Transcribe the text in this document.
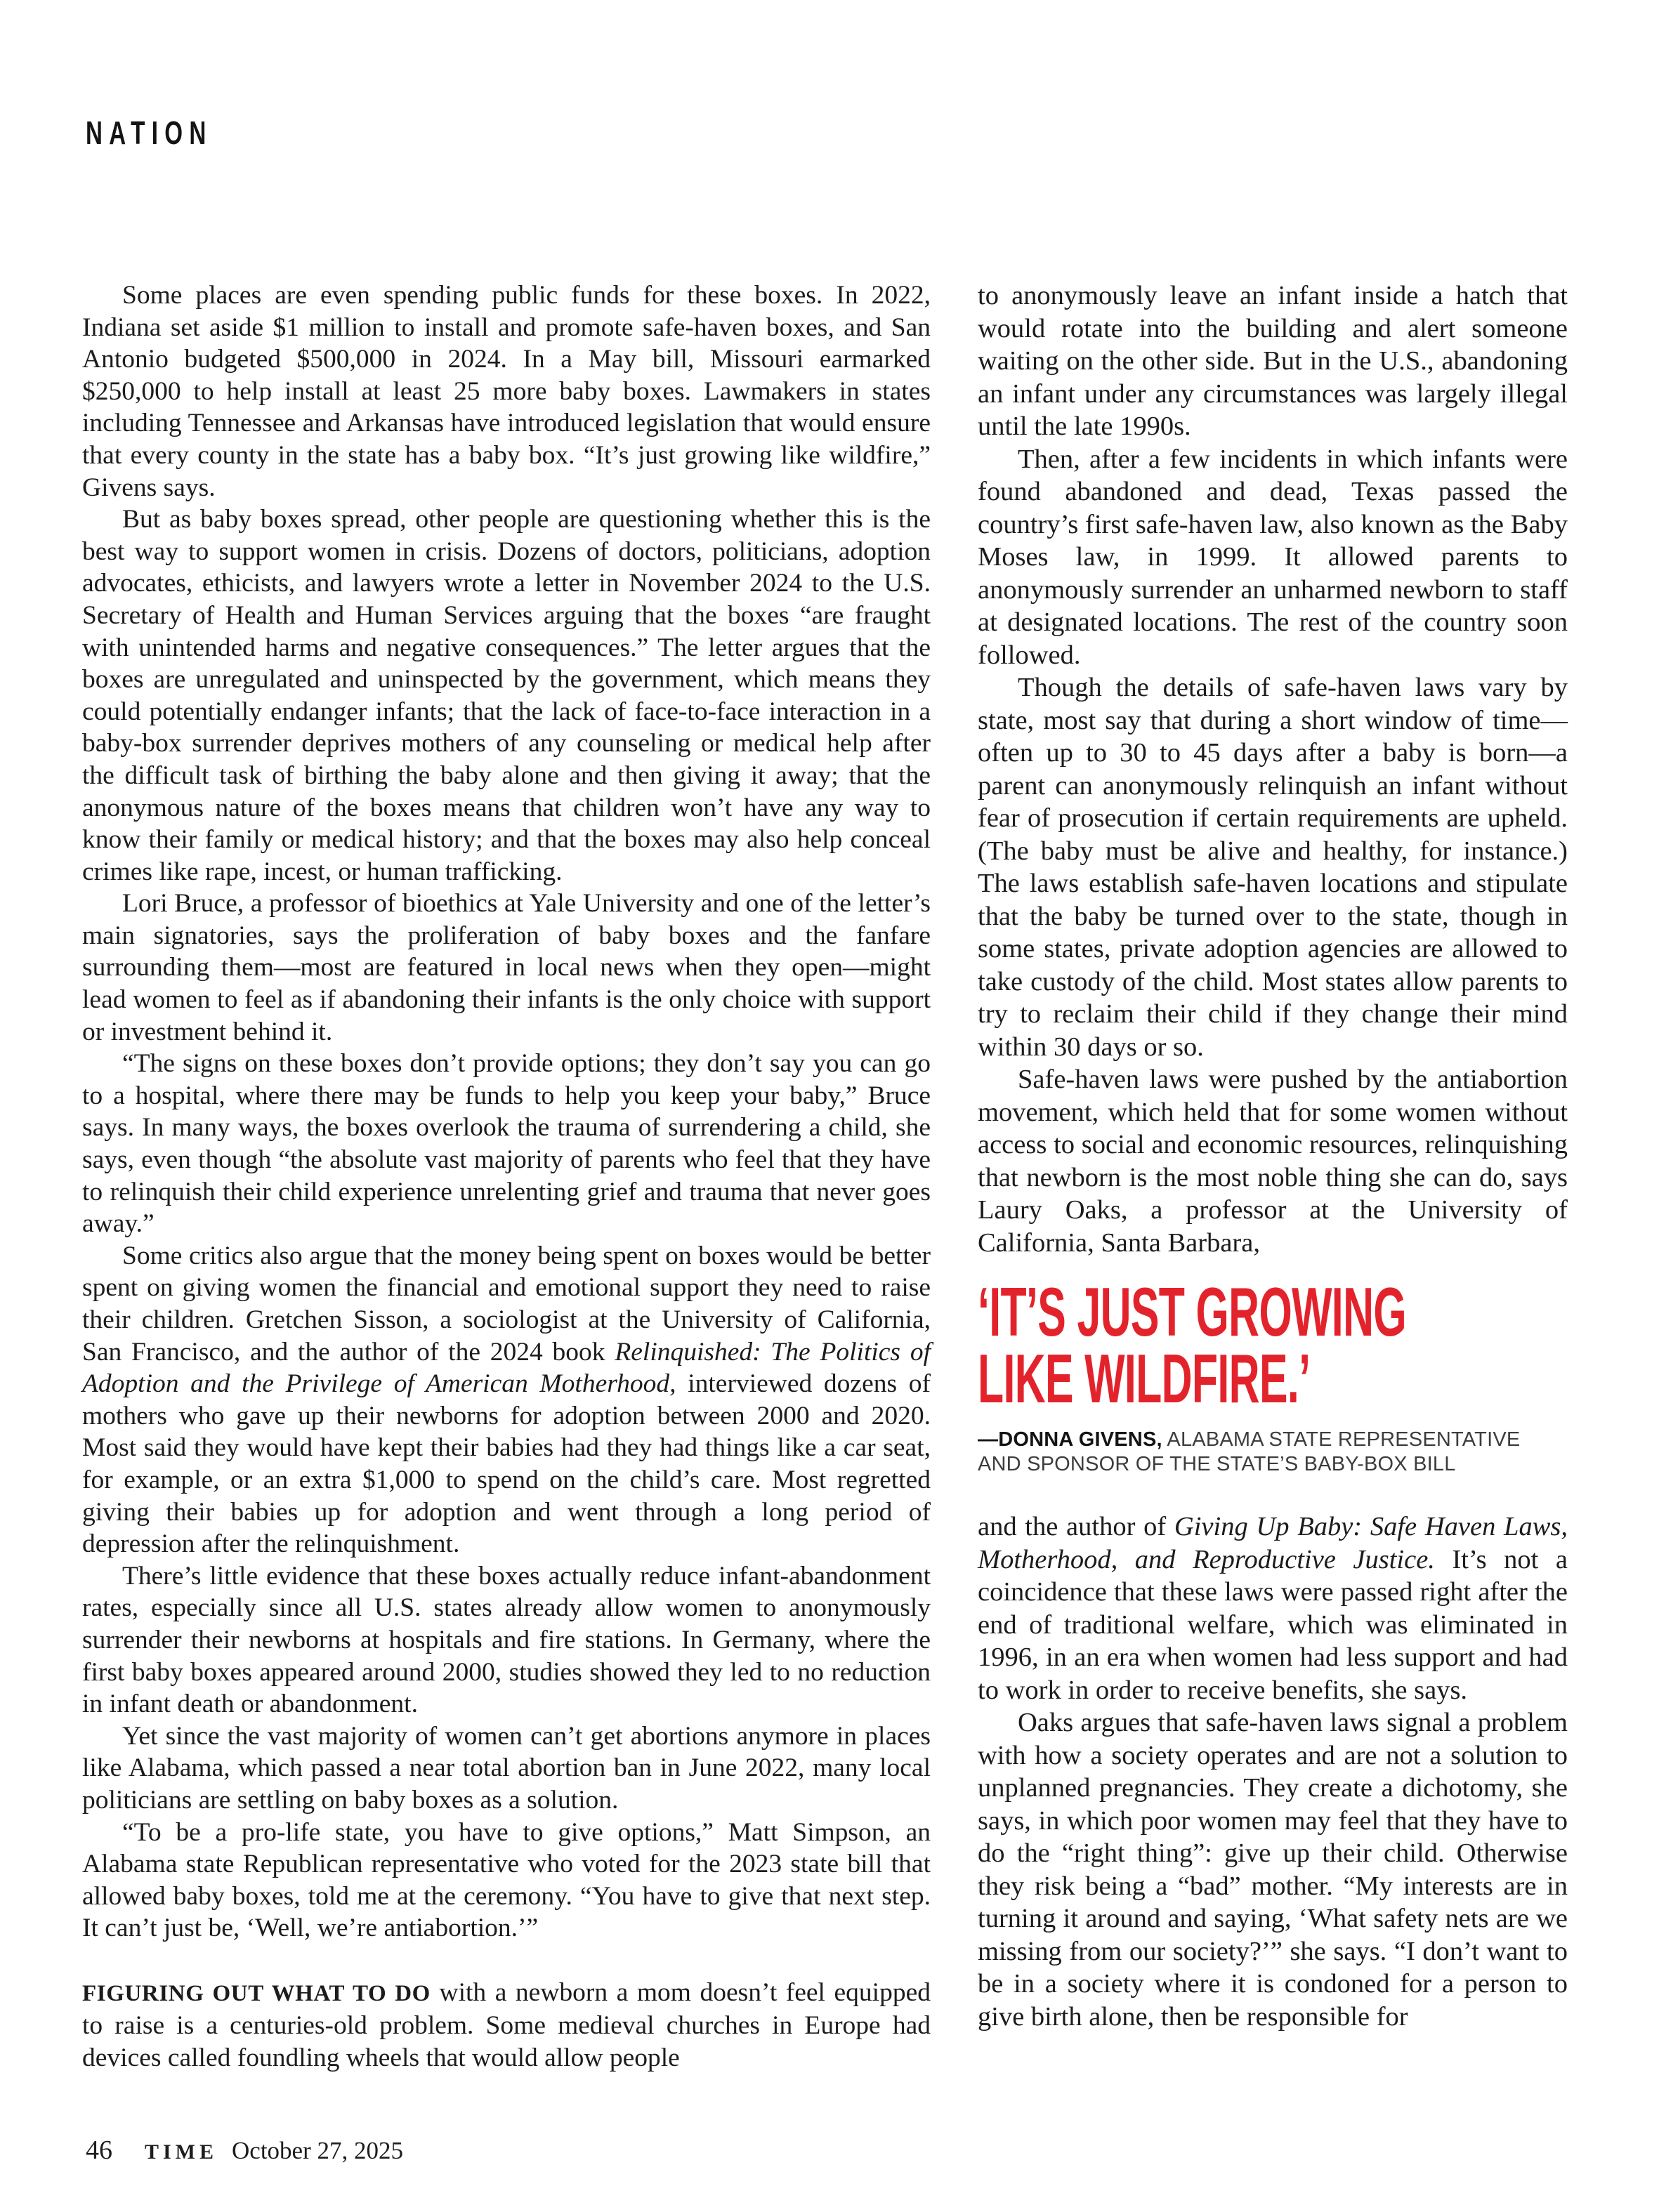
NATION

Some places are even spending public funds for these boxes. In 2022, Indiana set aside $1 million to install and promote safe-haven boxes, and San Antonio budgeted $500,000 in 2024. In a May bill, Missouri earmarked $250,000 to help install at least 25 more baby boxes. Lawmakers in states including Tennessee and Arkansas have introduced legislation that would ensure that every county in the state has a baby box. “It’s just growing like wildfire,” Givens says.

But as baby boxes spread, other people are questioning whether this is the best way to support women in crisis. Dozens of doctors, politicians, adoption advocates, ethicists, and lawyers wrote a letter in November 2024 to the U.S. Secretary of Health and Human Services arguing that the boxes “are fraught with unintended harms and negative consequences.” The letter argues that the boxes are unregulated and uninspected by the government, which means they could potentially endanger infants; that the lack of face-to-face interaction in a baby-box surrender deprives mothers of any counseling or medical help after the difficult task of birthing the baby alone and then giving it away; that the anonymous nature of the boxes means that children won’t have any way to know their family or medical history; and that the boxes may also help conceal crimes like rape, incest, or human trafficking.

Lori Bruce, a professor of bioethics at Yale University and one of the letter’s main signatories, says the proliferation of baby boxes and the fanfare surrounding them—most are featured in local news when they open—might lead women to feel as if abandoning their infants is the only choice with support or investment behind it.

“The signs on these boxes don’t provide options; they don’t say you can go to a hospital, where there may be funds to help you keep your baby,” Bruce says. In many ways, the boxes overlook the trauma of surrendering a child, she says, even though “the absolute vast majority of parents who feel that they have to relinquish their child experience unrelenting grief and trauma that never goes away.”

Some critics also argue that the money being spent on boxes would be better spent on giving women the financial and emotional support they need to raise their children. Gretchen Sisson, a sociologist at the University of California, San Francisco, and the author of the 2024 book Relinquished: The Politics of Adoption and the Privilege of American Motherhood, interviewed dozens of mothers who gave up their newborns for adoption between 2000 and 2020. Most said they would have kept their babies had they had things like a car seat, for example, or an extra $1,000 to spend on the child’s care. Most regretted giving their babies up for adoption and went through a long period of depression after the relinquishment.

There’s little evidence that these boxes actually reduce infant-abandonment rates, especially since all U.S. states already allow women to anonymously surrender their newborns at hospitals and fire stations. In Germany, where the first baby boxes appeared around 2000, studies showed they led to no reduction in infant death or abandonment.

Yet since the vast majority of women can’t get abortions anymore in places like Alabama, which passed a near total abortion ban in June 2022, many local politicians are settling on baby boxes as a solution.

“To be a pro-life state, you have to give options,” Matt Simpson, an Alabama state Republican representative who voted for the 2023 state bill that allowed baby boxes, told me at the ceremony. “You have to give that next step. It can’t just be, ‘Well, we’re antiabortion.’”

FIGURING OUT WHAT TO DO with a newborn a mom doesn’t feel equipped to raise is a centuries-old problem. Some medieval churches in Europe had devices called foundling wheels that would allow people

to anonymously leave an infant inside a hatch that would rotate into the building and alert someone waiting on the other side. But in the U.S., abandoning an infant under any circumstances was largely illegal until the late 1990s.

Then, after a few incidents in which infants were found abandoned and dead, Texas passed the country’s first safe-haven law, also known as the Baby Moses law, in 1999. It allowed parents to anonymously surrender an unharmed newborn to staff at designated locations. The rest of the country soon followed.

Though the details of safe-haven laws vary by state, most say that during a short window of time—often up to 30 to 45 days after a baby is born—a parent can anonymously relinquish an infant without fear of prosecution if certain requirements are upheld. (The baby must be alive and healthy, for instance.) The laws establish safe-haven locations and stipulate that the baby be turned over to the state, though in some states, private adoption agencies are allowed to take custody of the child. Most states allow parents to try to reclaim their child if they change their mind within 30 days or so.

Safe-haven laws were pushed by the antiabortion movement, which held that for some women without access to social and economic resources, relinquishing that newborn is the most noble thing she can do, says Laury Oaks, a professor at the University of California, Santa Barbara,

‘IT’S JUST GROWING
LIKE WILDFIRE.’
—DONNA GIVENS, ALABAMA STATE REPRESENTATIVE AND SPONSOR OF THE STATE’S BABY-BOX BILL

and the author of Giving Up Baby: Safe Haven Laws, Motherhood, and Reproductive Justice. It’s not a coincidence that these laws were passed right after the end of traditional welfare, which was eliminated in 1996, in an era when women had less support and had to work in order to receive benefits, she says.

Oaks argues that safe-haven laws signal a problem with how a society operates and are not a solution to unplanned pregnancies. They create a dichotomy, she says, in which poor women may feel that they have to do the “right thing”: give up their child. Otherwise they risk being a “bad” mother. “My interests are in turning it around and saying, ‘What safety nets are we missing from our society?’” she says. “I don’t want to be in a society where it is condoned for a person to give birth alone, then be responsible for

46 TIME October 27, 2025
